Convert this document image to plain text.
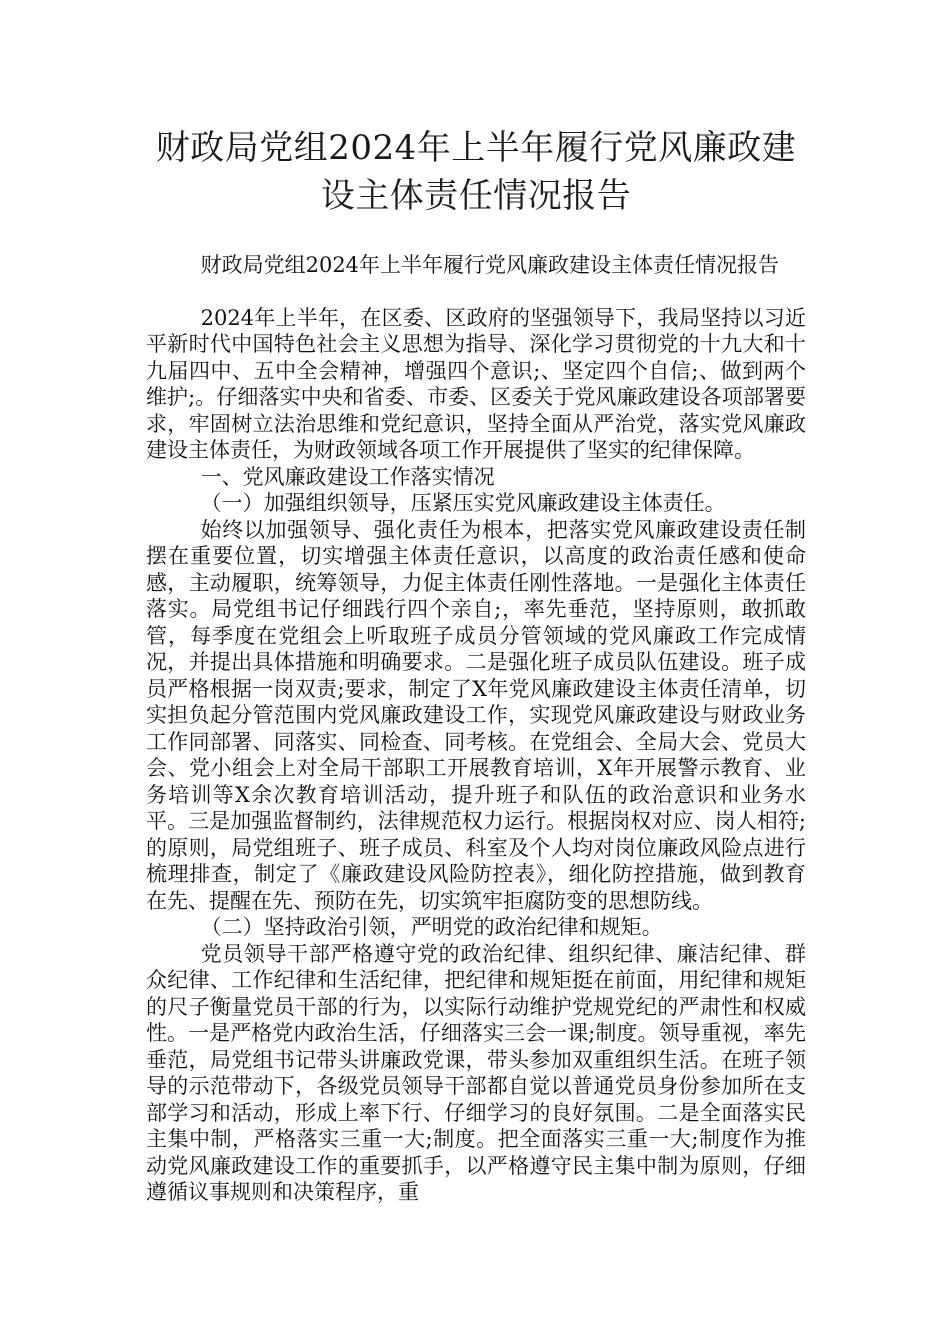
财政局党组2024年上半年履行党风廉政建设主体责任情况报告

财政局党组2024年上半年履行党风廉政建设主体责任情况报告

2024年上半年，在区委、区政府的坚强领导下，我局坚持以习近平新时代中国特色社会主义思想为指导、深化学习贯彻党的十九大和十九届四中、五中全会精神，增强四个意识;、坚定四个自信;、做到两个维护;。仔细落实中央和省委、市委、区委关于党风廉政建设各项部署要求，牢固树立法治思维和党纪意识，坚持全面从严治党，落实党风廉政建设主体责任，为财政领域各项工作开展提供了坚实的纪律保障。

一、党风廉政建设工作落实情况

（一）加强组织领导，压紧压实党风廉政建设主体责任。

始终以加强领导、强化责任为根本，把落实党风廉政建设责任制摆在重要位置，切实增强主体责任意识，以高度的政治责任感和使命感，主动履职，统筹领导，力促主体责任刚性落地。一是强化主体责任落实。局党组书记仔细践行四个亲自;，率先垂范，坚持原则，敢抓敢管，每季度在党组会上听取班子成员分管领域的党风廉政工作完成情况，并提出具体措施和明确要求。二是强化班子成员队伍建设。班子成员严格根据一岗双责;要求，制定了X年党风廉政建设主体责任清单，切实担负起分管范围内党风廉政建设工作，实现党风廉政建设与财政业务工作同部署、同落实、同检查、同考核。在党组会、全局大会、党员大会、党小组会上对全局干部职工开展教育培训，X年开展警示教育、业务培训等X余次教育培训活动，提升班子和队伍的政治意识和业务水平。三是加强监督制约，法律规范权力运行。根据岗权对应、岗人相符;的原则，局党组班子、班子成员、科室及个人均对岗位廉政风险点进行梳理排查，制定了《廉政建设风险防控表》，细化防控措施，做到教育在先、提醒在先、预防在先，切实筑牢拒腐防变的思想防线。

（二）坚持政治引领，严明党的政治纪律和规矩。

党员领导干部严格遵守党的政治纪律、组织纪律、廉洁纪律、群众纪律、工作纪律和生活纪律，把纪律和规矩挺在前面，用纪律和规矩的尺子衡量党员干部的行为，以实际行动维护党规党纪的严肃性和权威性。一是严格党内政治生活，仔细落实三会一课;制度。领导重视，率先垂范，局党组书记带头讲廉政党课，带头参加双重组织生活。在班子领导的示范带动下，各级党员领导干部都自觉以普通党员身份参加所在支部学习和活动，形成上率下行、仔细学习的良好氛围。二是全面落实民主集中制，严格落实三重一大;制度。把全面落实三重一大;制度作为推动党风廉政建设工作的重要抓手，以严格遵守民主集中制为原则，仔细遵循议事规则和决策程序，重
